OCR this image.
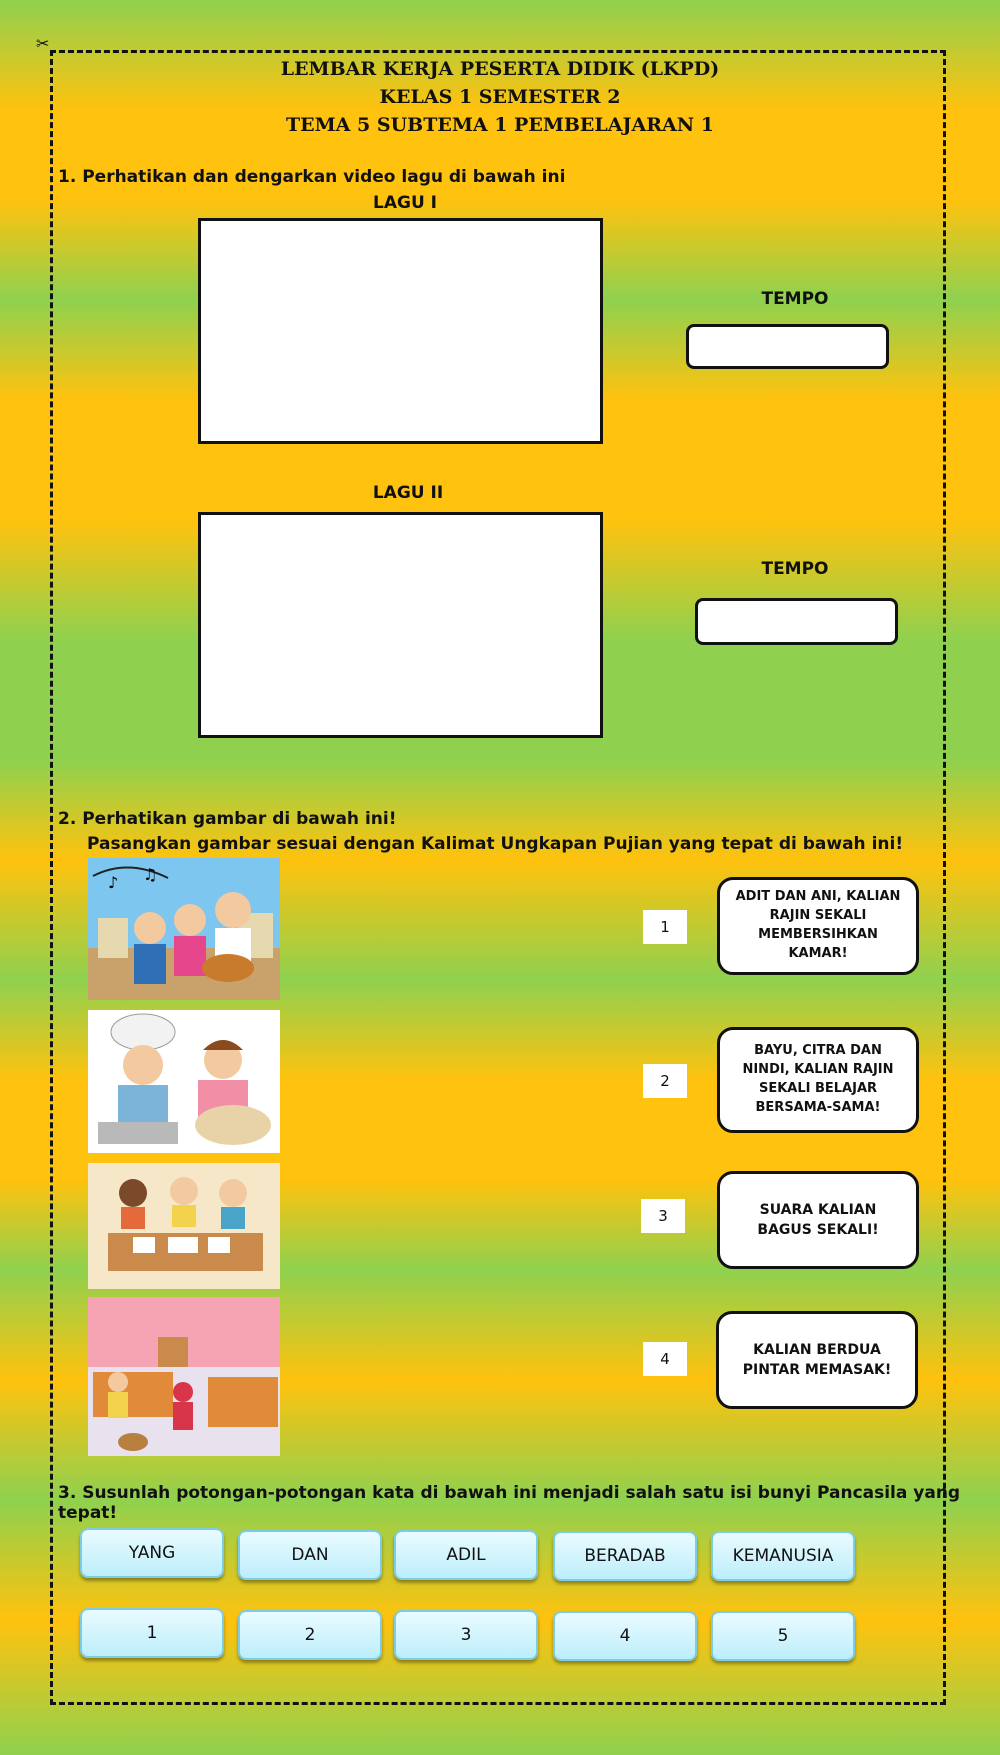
✂
LEMBAR KERJA PESERTA DIDIK (LKPD)
KELAS 1 SEMESTER 2
TEMA 5 SUBTEMA 1 PEMBELAJARAN 1
1. Perhatikan dan dengarkan video lagu di bawah ini
LAGU I
TEMPO
LAGU II
TEMPO
2. Perhatikan gambar di bawah ini!
Pasangkan gambar sesuai dengan Kalimat Ungkapan Pujian yang tepat di bawah ini!
♪ ♫
1
ADIT DAN ANI, KALIAN RAJIN SEKALI MEMBERSIHKAN KAMAR!
2
BAYU, CITRA DAN NINDI, KALIAN RAJIN SEKALI BELAJAR BERSAMA-SAMA!
3	SUARA KALIAN BAGUS SEKALI!
4
KALIAN BERDUA PINTAR MEMASAK!
3. Susunlah potongan-potongan kata di bawah ini menjadi salah satu isi bunyi Pancasila yang tepat!
YANG	DAN	ADIL	BERADAB	KEMANUSIA
1	2	3	4	5
